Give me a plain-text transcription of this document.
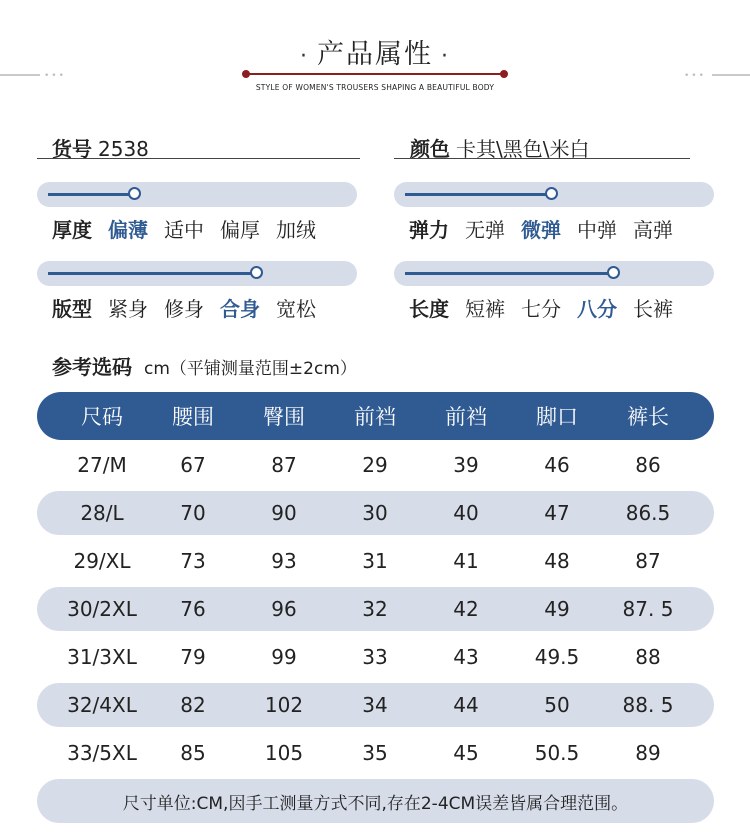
· 产品属性 ·
•••	•••
STYLE OF WOMEN'S TROUSERS SHAPING A BEAUTIFUL BODY
货号 2538	颜色 卡其\黑色\米白
厚度 偏薄 适中 偏厚 加绒	弹力 无弹 微弹 中弹 高弹
版型 紧身 修身 合身 宽松	长度 短裤 七分 八分 长裤
参考选码 cm（平铺测量范围±2cm）
尺码	腰围	臀围	前裆	前裆	脚口	裤长
27/M	67	87	29	39	46	86
28/L	70	90	30	40	47	86.5
29/XL	73	93	31	41	48	87
30/2XL	76	96	32	42	49	87. 5
31/3XL	79	99	33	43	49.5	88
32/4XL	82	102	34	44	50	88. 5
33/5XL	85	105	35	45	50.5	89
尺寸单位:CM,因手工测量方式不同,存在2-4CM误差皆属合理范围。
